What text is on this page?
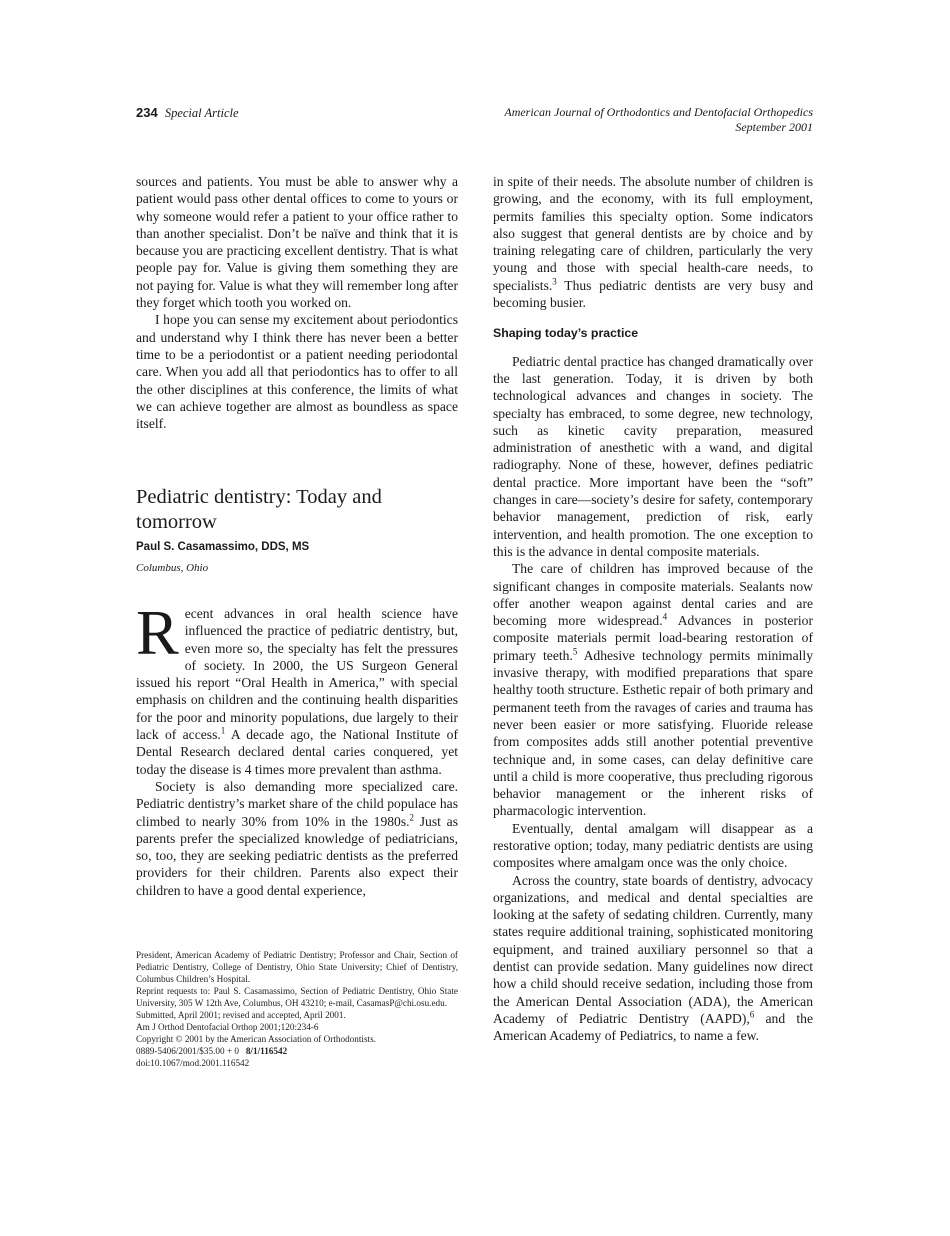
234 Special Article	American Journal of Orthodontics and Dentofacial Orthopedics
September 2001

sources and patients. You must be able to answer why a patient would pass other dental offices to come to yours or why someone would refer a patient to your office rather to than another specialist. Don’t be naïve and think that it is because you are practicing excellent dentistry. That is what people pay for. Value is giving them something they are not paying for. Value is what they will remember long after they forget which tooth you worked on.

I hope you can sense my excitement about periodontics and understand why I think there has never been a better time to be a periodontist or a patient needing periodontal care. When you add all that periodontics has to offer to all the other disciplines at this conference, the limits of what we can achieve together are almost as boundless as space itself.

Pediatric dentistry: Today and tomorrow
Paul S. Casamassimo, DDS, MS
Columbus, Ohio

Recent advances in oral health science have influenced the practice of pediatric dentistry, but, even more so, the specialty has felt the pressures of society. In 2000, the US Surgeon General issued his report “Oral Health in America,” with special emphasis on children and the continuing health disparities for the poor and minority populations, due largely to their lack of access.$^1$ A decade ago, the National Institute of Dental Research declared dental caries conquered, yet today the disease is 4 times more prevalent than asthma.

Society is also demanding more specialized care. Pediatric dentistry’s market share of the child populace has climbed to nearly 30% from 10% in the 1980s.$^2$ Just as parents prefer the specialized knowledge of pediatricians, so, too, they are seeking pediatric dentists as the preferred providers for their children. Parents also expect their children to have a good dental experience,

President, American Academy of Pediatric Dentistry; Professor and Chair, Section of Pediatric Dentistry, College of Dentistry, Ohio State University; Chief of Dentistry, Columbus Children’s Hospital.

Reprint requests to: Paul S. Casamassimo, Section of Pediatric Dentistry, Ohio State University, 305 W 12th Ave, Columbus, OH 43210; e-mail, CasamasP@chi.osu.edu.

Submitted, April 2001; revised and accepted, April 2001.

Am J Orthod Dentofacial Orthop 2001;120:234-6

Copyright © 2001 by the American Association of Orthodontists.

0889-5406/2001/$35.00 + 0 8/1/116542

doi:10.1067/mod.2001.116542

in spite of their needs. The absolute number of children is growing, and the economy, with its full employment, permits families this specialty option. Some indicators also suggest that general dentists are by choice and by training relegating care of children, particularly the very young and those with special health-care needs, to specialists.$^3$ Thus pediatric dentists are very busy and becoming busier.

Shaping today’s practice

Pediatric dental practice has changed dramatically over the last generation. Today, it is driven by both technological advances and changes in society. The specialty has embraced, to some degree, new technology, such as kinetic cavity preparation, measured administration of anesthetic with a wand, and digital radiography. None of these, however, defines pediatric dental practice. More important have been the “soft” changes in care—society’s desire for safety, contemporary behavior management, prediction of risk, early intervention, and health promotion. The one exception to this is the advance in dental composite materials.

The care of children has improved because of the significant changes in composite materials. Sealants now offer another weapon against dental caries and are becoming more widespread.$^4$ Advances in posterior composite materials permit load-bearing restoration of primary teeth.$^5$ Adhesive technology permits minimally invasive therapy, with modified preparations that spare healthy tooth structure. Esthetic repair of both primary and permanent teeth from the ravages of caries and trauma has never been easier or more satisfying. Fluoride release from composites adds still another potential preventive technique and, in some cases, can delay definitive care until a child is more cooperative, thus precluding rigorous behavior management or the inherent risks of pharmacologic intervention.

Eventually, dental amalgam will disappear as a restorative option; today, many pediatric dentists are using composites where amalgam once was the only choice.

Across the country, state boards of dentistry, advocacy organizations, and medical and dental specialties are looking at the safety of sedating children. Currently, many states require additional training, sophisticated monitoring equipment, and trained auxiliary personnel so that a dentist can provide sedation. Many guidelines now direct how a child should receive sedation, including those from the American Dental Association (ADA), the American Academy of Pediatric Dentistry (AAPD),$^6$ and the American Academy of Pediatrics, to name a few.
